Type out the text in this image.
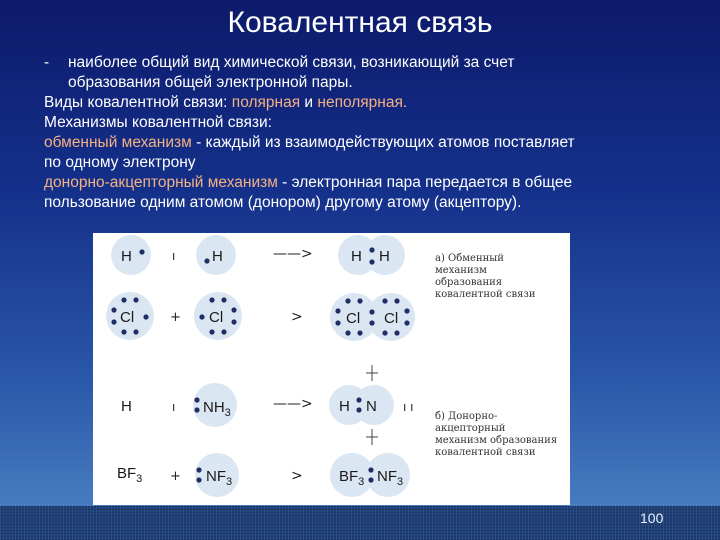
Ковалентная связь

- наиболее общий вид химической связи, возникающий за счет
образования общей электронной пары.

Виды ковалентной связи: полярная и неполярная.

Механизмы ковалентной связи:

обменный механизм - каждый из взаимодействующих атомов поставляет
по одному электрону

донорно-акцепторный механизм - электронная пара передается в общее
пользование одним атомом (донором) другому атому (акцептору).

H	ı H	——>	H H	а) Обменный
механизм
образования
ковалентной связи
Cl	+ Cl	>	Cl Cl
H	ı $NH_3$
——> H N ı ı
б) Донорно-
акцепторный
механизм образования
ковалентной связи
$BF_3 + NF_3$	> $BF_3$ $NF_3$
100
